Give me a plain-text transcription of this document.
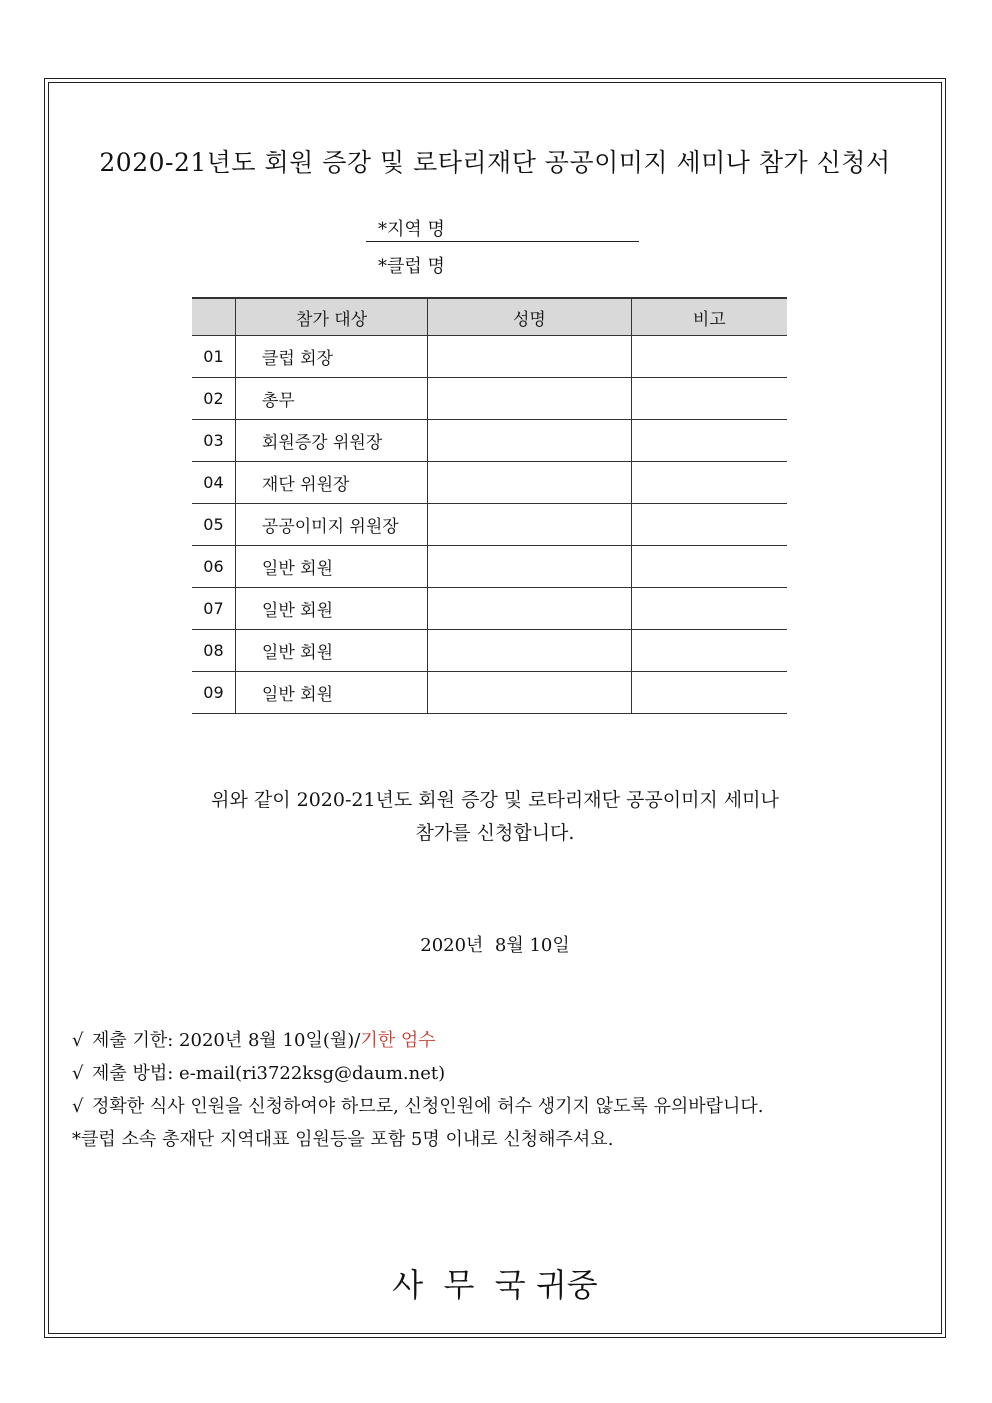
2020-21년도 회원 증강 및 로타리재단 공공이미지 세미나 참가 신청서
*지역 명
*클럽 명
	참가 대상	성명	비고
01	클럽 회장		
02	총무		
03	회원증강 위원장		
04	재단 위원장		
05	공공이미지 위원장		
06	일반 회원		
07	일반 회원		
08	일반 회원		
09	일반 회원		
위와 같이 2020-21년도 회원 증강 및 로타리재단 공공이미지 세미나
참가를 신청합니다.
2020년  8월 10일
√ 제출 기한: 2020년 8월 10일(월)/기한 엄수
√ 제출 방법: e-mail(ri3722ksg@daum.net)
√ 정확한 식사 인원을 신청하여야 하므로, 신청인원에 허수 생기지 않도록 유의바랍니다.
*클럽 소속 총재단 지역대표 임원등을 포함 5명 이내로 신청해주셔요.
사  무  국 귀중
